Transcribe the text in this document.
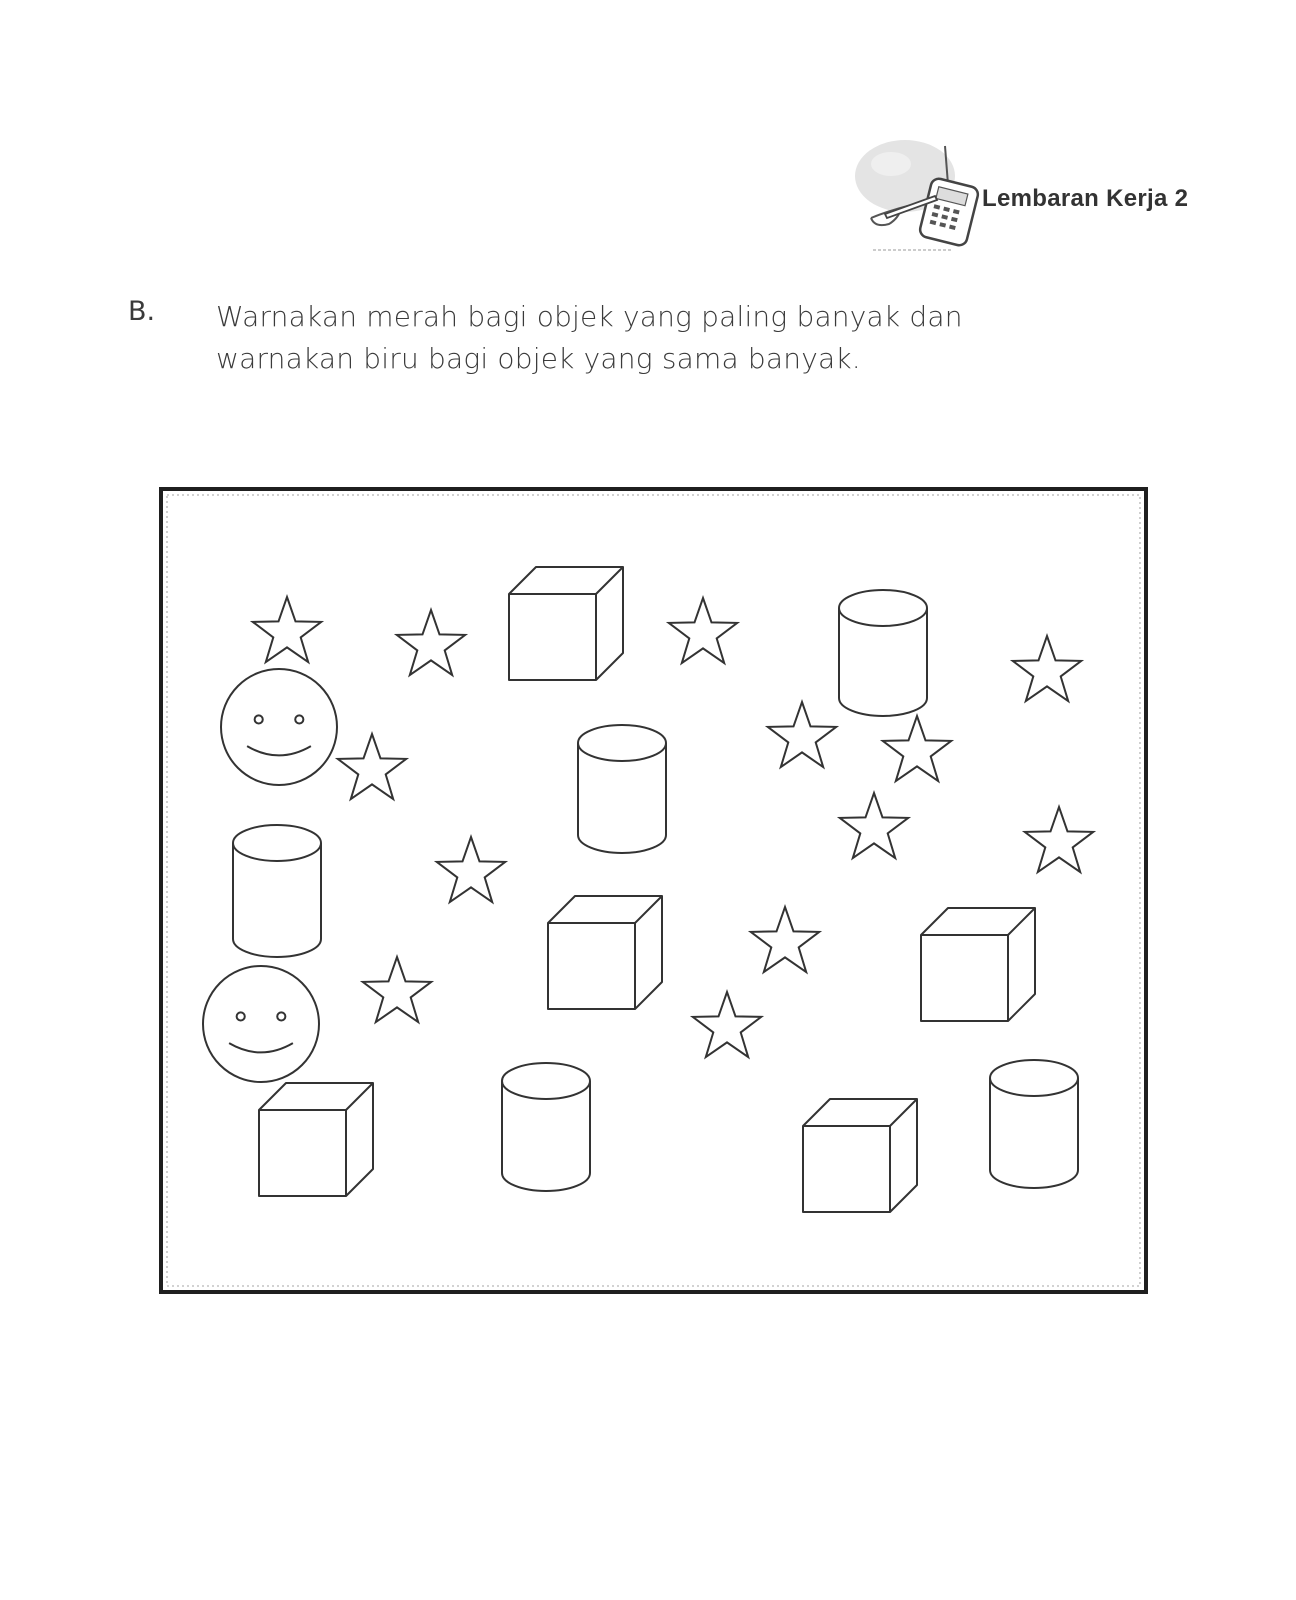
Lembaran Kerja 2
B. Warnakan merah bagi objek yang paling banyak dan
warnakan biru bagi objek yang sama banyak.
